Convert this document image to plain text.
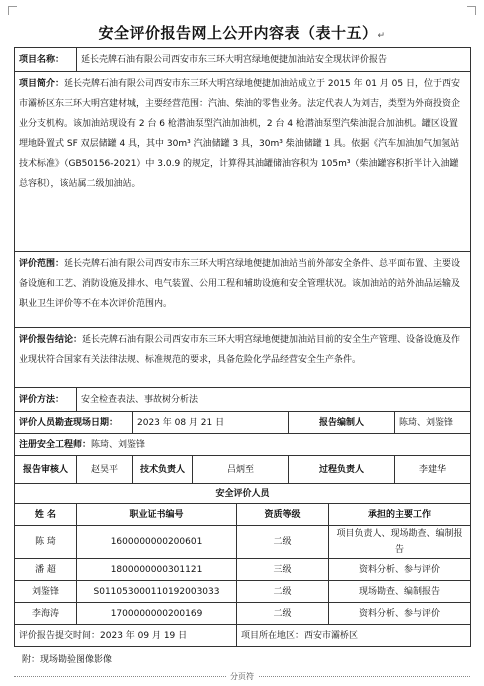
安全评价报告网上公开内容表（表十五）↵
项目名称：	延长壳牌石油有限公司西安市东三环大明宫绿地便捷加油站安全现状评价报告						
项目简介：延长壳牌石油有限公司西安市东三环大明宫绿地便捷加油站成立于 2015 年 01 月 05 日，位于西安市灞桥区东三环大明宫建材城，主要经营范围：汽油、柴油的零售业务。法定代表人为刘吉，类型为外商投资企业分支机构。该加油站现设有 2 台 6 枪潜油泵型汽油加油机，2 台 4 枪潜油泵型汽柴油混合加油机。罐区设置埋地卧置式 SF 双层储罐 4 具，其中 30m³ 汽油储罐 3 具，30m³ 柴油储罐 1 具。依据《汽车加油加气加氢站技术标准》（GB50156-2021）中 3.0.9 的规定，计算得其油罐储油容积为 105m³（柴油罐容积折半计入油罐总容积），该站属二级加油站。							
评价范围：延长壳牌石油有限公司西安市东三环大明宫绿地便捷加油站当前外部安全条件、总平面布置、主要设备设施和工艺、消防设施及排水、电气装置、公用工程和辅助设施和安全管理状况。该加油站的站外油品运输及职业卫生评价等不在本次评价范围内。							
评价报告结论：延长壳牌石油有限公司西安市东三环大明宫绿地便捷加油站目前的安全生产管理、设备设施及作业现状符合国家有关法律法规、标准规范的要求，具备危险化学品经营安全生产条件。							
评价方法：	安全检查表法、事故树分析法						
评价人员勘查现场日期：		2023 年 08 月 21 日			报告编制人		陈琦、刘鉴锋
注册安全工程师：陈琦、刘鉴锋							
报告审核人	赵昊平	技术负责人	吕炳至		过程负责人		李建华
安全评价人员							
姓 名	职业证书编号			资质等级		承担的主要工作	
陈 琦	1600000000200601			二级		项目负责人、现场勘查、编制报告	
潘 超	1800000000301121			三级		资料分析、参与评价	
刘鉴锋	S011053000110192003033			二级		现场勘查、编制报告	
李海涛	1700000000200169			二级		资料分析、参与评价	
评价报告提交时间：2023 年 09 月 19 日				项目所在地区：西安市灞桥区			
附：现场勘验图像影像
分页符
